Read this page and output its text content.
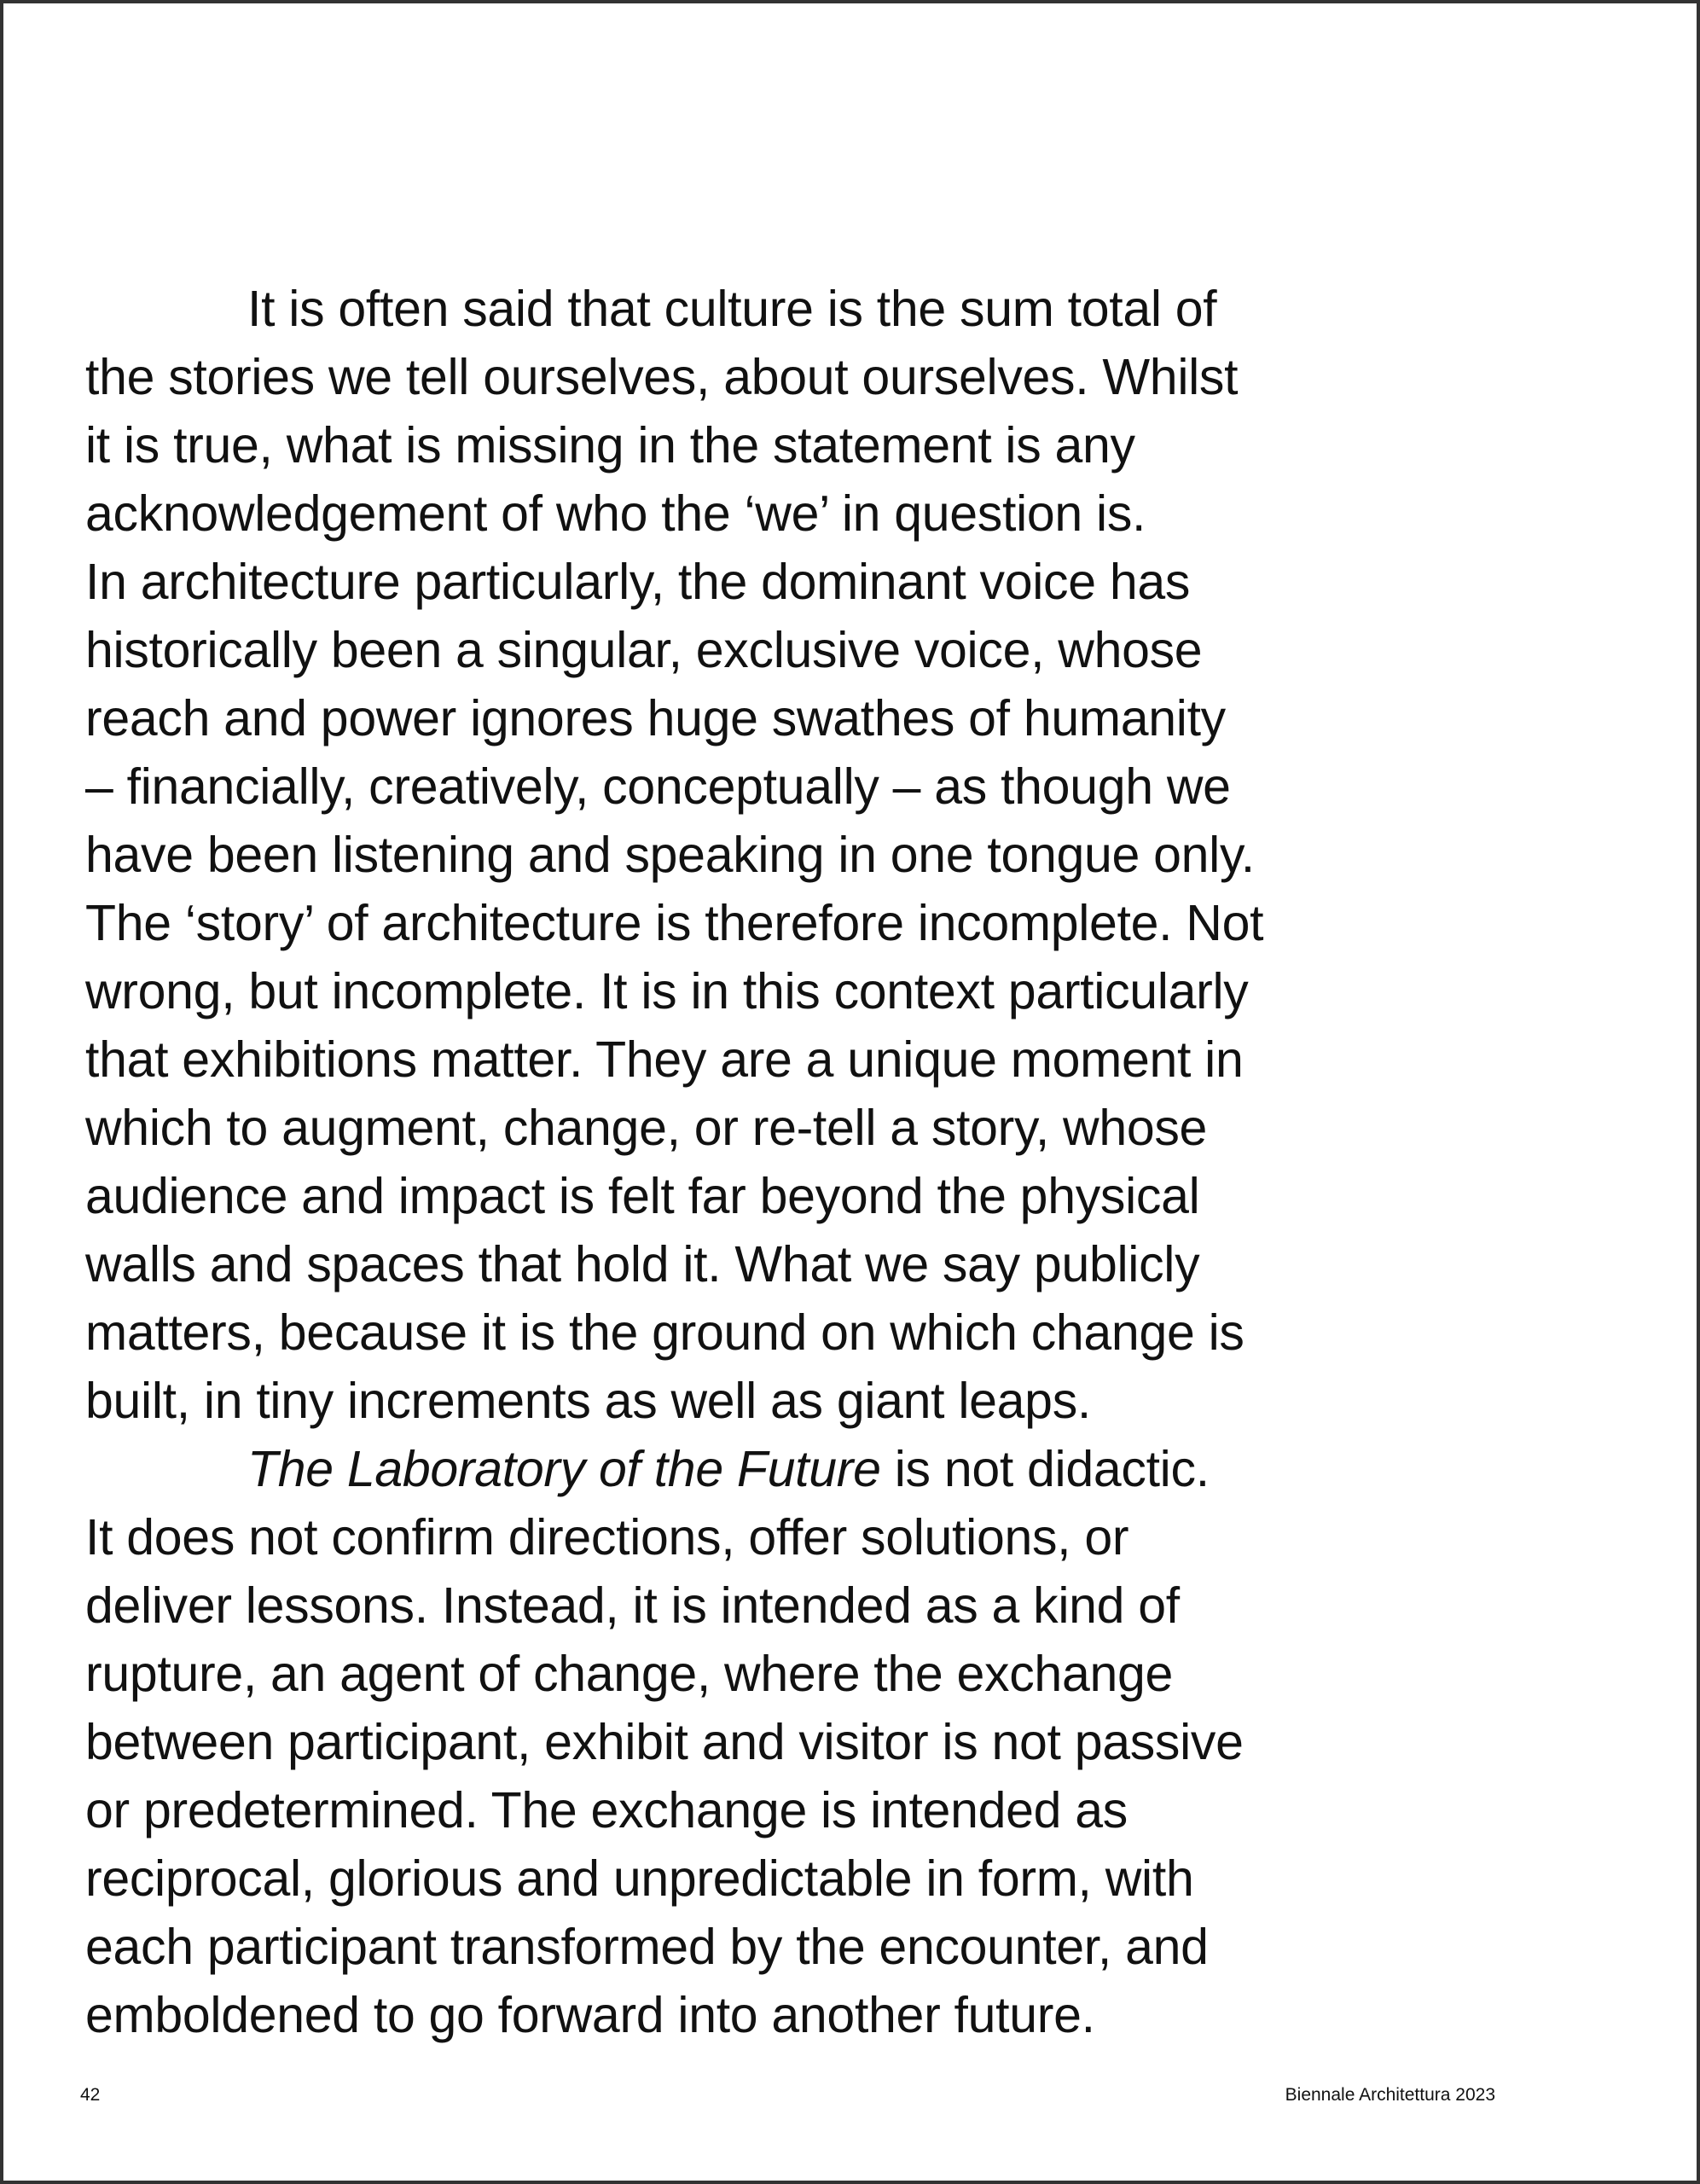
It is often said that culture is the sum total of
the stories we tell ourselves, about ourselves. Whilst
it is true, what is missing in the statement is any
acknowledgement of who the ‘we’ in question is.
In architecture particularly, the dominant voice has
historically been a singular, exclusive voice, whose
reach and power ignores huge swathes of humanity
– financially, creatively, conceptually – as though we
have been listening and speaking in one tongue only.
The ‘story’ of architecture is therefore incomplete. Not
wrong, but incomplete. It is in this context particularly
that exhibitions matter. They are a unique moment in
which to augment, change, or re-tell a story, whose
audience and impact is felt far beyond the physical
walls and spaces that hold it. What we say publicly
matters, because it is the ground on which change is
built, in tiny increments as well as giant leaps.
The Laboratory of the Future is not didactic.
It does not confirm directions, offer solutions, or
deliver lessons. Instead, it is intended as a kind of
rupture, an agent of change, where the exchange
between participant, exhibit and visitor is not passive
or predetermined. The exchange is intended as
reciprocal, glorious and unpredictable in form, with
each participant transformed by the encounter, and
emboldened to go forward into another future.
42	Biennale Architettura 2023
